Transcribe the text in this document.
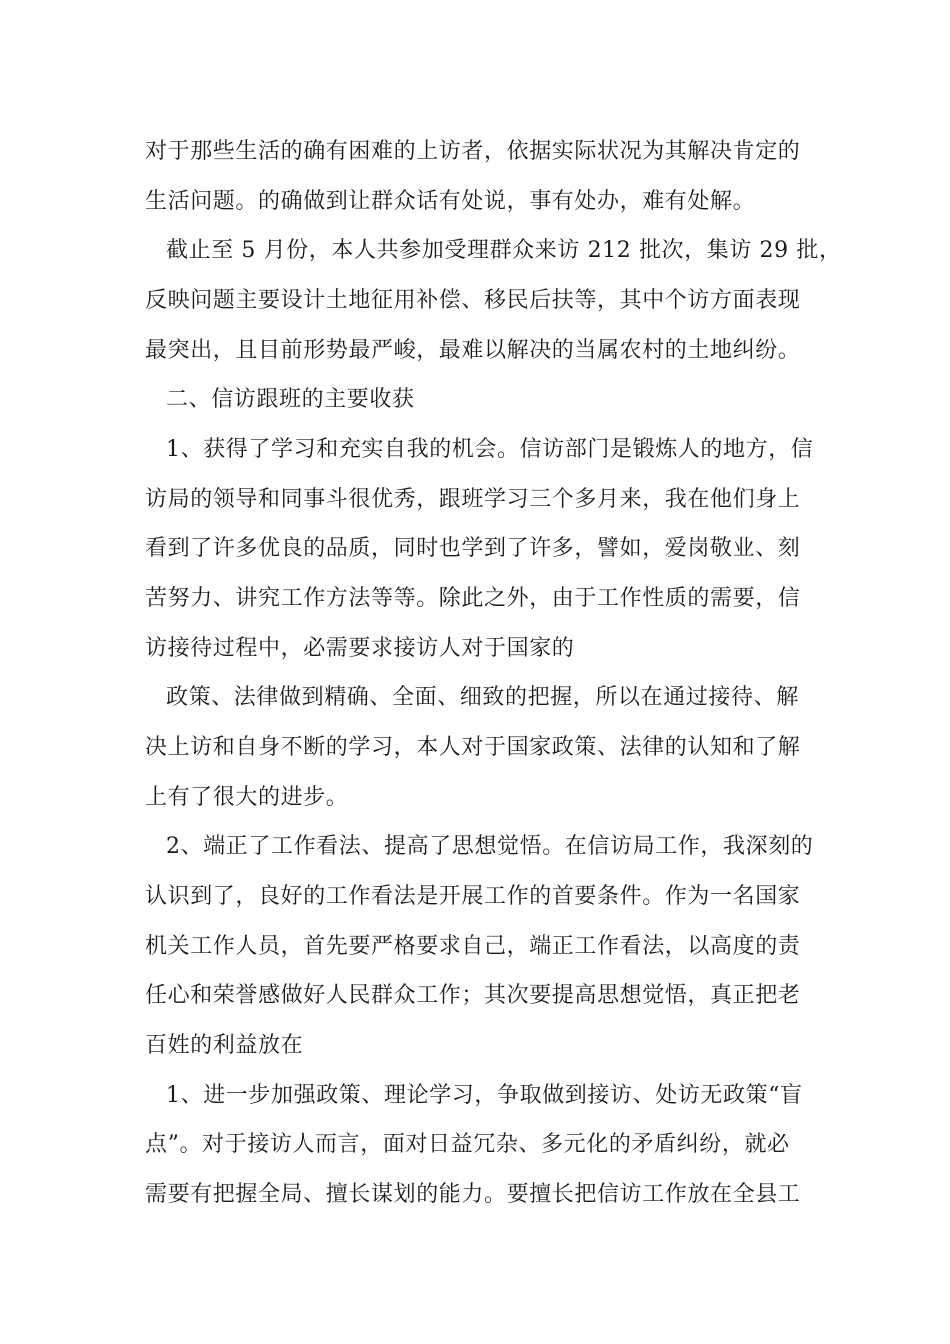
对于那些生活的确有困难的上访者，依据实际状况为其解决肯定的
生活问题。的确做到让群众话有处说，事有处办，难有处解。
截止至 5 月份，本人共参加受理群众来访 212 批次，集访 29 批，
反映问题主要设计土地征用补偿、移民后扶等，其中个访方面表现
最突出，且目前形势最严峻，最难以解决的当属农村的土地纠纷。
二、信访跟班的主要收获
1、获得了学习和充实自我的机会。信访部门是锻炼人的地方，信
访局的领导和同事斗很优秀，跟班学习三个多月来，我在他们身上
看到了许多优良的品质，同时也学到了许多，譬如，爱岗敬业、刻
苦努力、讲究工作方法等等。除此之外，由于工作性质的需要，信
访接待过程中，必需要求接访人对于国家的
政策、法律做到精确、全面、细致的把握，所以在通过接待、解
决上访和自身不断的学习，本人对于国家政策、法律的认知和了解
上有了很大的进步。
2、端正了工作看法、提高了思想觉悟。在信访局工作，我深刻的
认识到了，良好的工作看法是开展工作的首要条件。作为一名国家
机关工作人员，首先要严格要求自己，端正工作看法，以高度的责
任心和荣誉感做好人民群众工作；其次要提高思想觉悟，真正把老
百姓的利益放在
1、进一步加强政策、理论学习，争取做到接访、处访无政策“盲
点”。对于接访人而言，面对日益冗杂、多元化的矛盾纠纷，就必
需要有把握全局、擅长谋划的能力。要擅长把信访工作放在全县工
